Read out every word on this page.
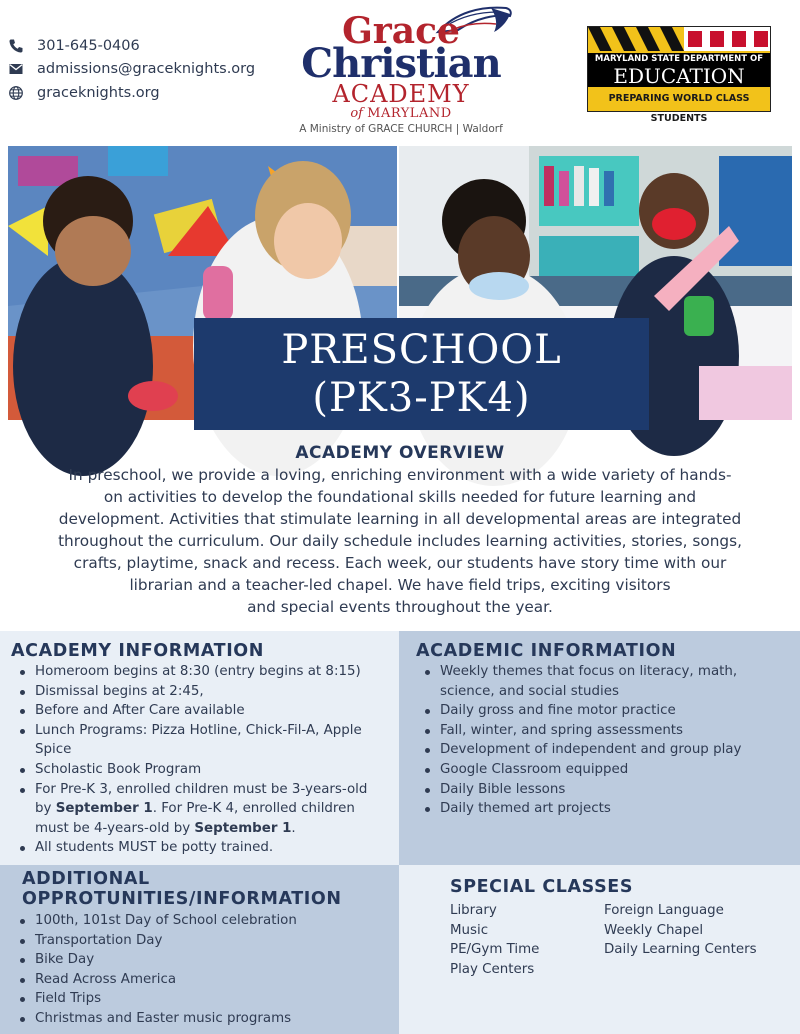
301-645-0406
admissions@graceknights.org
graceknights.org
Grace
Christian
ACADEMY
of MARYLAND
A Ministry of GRACE CHURCH | Waldorf
MARYLAND STATE DEPARTMENT OF
EDUCATION
PREPARING WORLD CLASS STUDENTS
PRESCHOOL
(PK3-PK4)
ACADEMY OVERVIEW
In preschool, we provide a loving, enriching environment with a wide variety of hands-
on activities to develop the foundational skills needed for future learning and
development. Activities that stimulate learning in all developmental areas are integrated
throughout the curriculum. Our daily schedule includes learning activities, stories, songs,
crafts, playtime, snack and recess. Each week, our students have story time with our
librarian and a teacher-led chapel. We have field trips, exciting visitors
and special events throughout the year.
ACADEMY INFORMATION
Homeroom begins at 8:30 (entry begins at 8:15)
Dismissal begins at 2:45,
Before and After Care available
Lunch Programs: Pizza Hotline, Chick-Fil-A, Apple Spice
Scholastic Book Program
For Pre-K 3, enrolled children must be 3-years-old by September 1. For Pre-K 4, enrolled children must be 4-years-old by September 1.
All students MUST be potty trained.
ACADEMIC INFORMATION
Weekly themes that focus on literacy, math, science, and social studies
Daily gross and fine motor practice
Fall, winter, and spring assessments
Development of independent and group play
Google Classroom equipped
Daily Bible lessons
Daily themed art projects
ADDITIONAL
OPPROTUNITIES/INFORMATION
100th, 101st Day of School celebration
Transportation Day
Bike Day
Read Across America
Field Trips
Christmas and Easter music programs
SPECIAL CLASSES
Library
Music
PE/Gym Time
Play Centers
Foreign Language
Weekly Chapel
Daily Learning Centers
